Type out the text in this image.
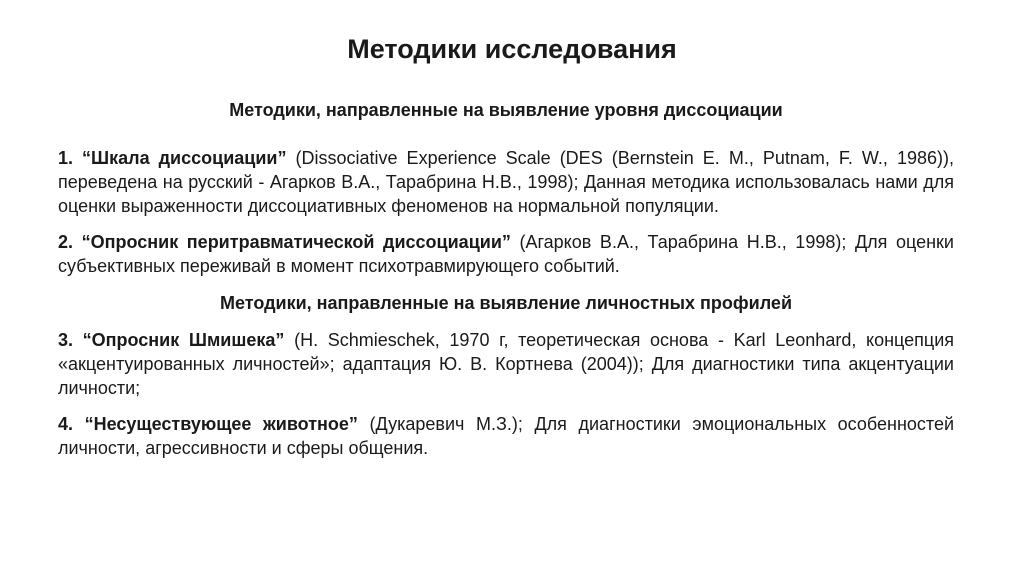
Методики исследования

Методики, направленные на выявление уровня диссоциации

1. “Шкала диссоциации” (Dissociative Experience Scale (DES (Bernstein E. M., Putnam, F. W., 1986)), переведена на русский - Агарков В.А., Тарабрина Н.В., 1998); Данная методика использовалась нами для оценки выраженности диссоциативных феноменов на нормальной популяции.

2. “Опросник перитравматической диссоциации” (Агарков В.А., Тарабрина Н.В., 1998); Для оценки субъективных переживай в момент психотравмирующего событий.

Методики, направленные на выявление личностных профилей

3. “Опросник Шмишека” (H. Schmieschek, 1970 г, теоретическая основа - Karl Leonhard, концепция «акцентуированных личностей»; адаптация Ю. В. Кортнева (2004)); Для диагностики типа акцентуации личности;

4. “Несуществующее животное” (Дукаревич М.З.); Для диагностики эмоциональных особенностей личности, агрессивности и сферы общения.
